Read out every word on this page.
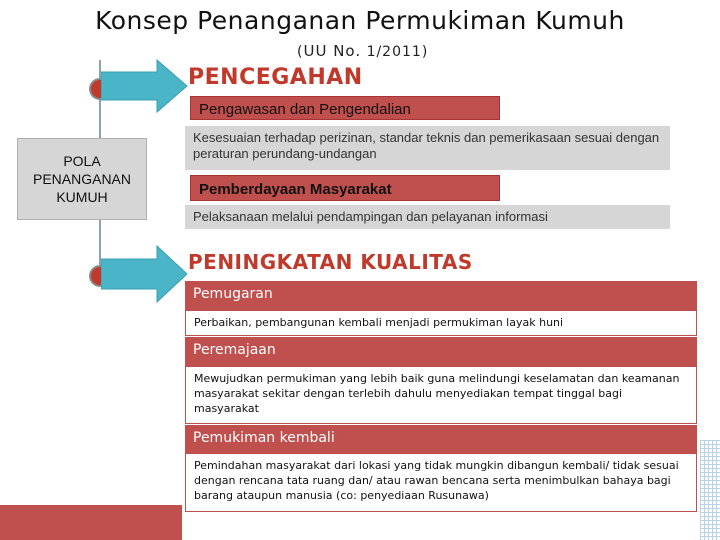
Konsep Penanganan Permukiman Kumuh
(UU No. 1/2011)
POLA PENANGANAN KUMUH
PENCEGAHAN
Pengawasan dan Pengendalian
Kesesuaian terhadap perizinan, standar teknis dan pemerikasaan sesuai dengan peraturan perundang-undangan
Pemberdayaan Masyarakat
Pelaksanaan melalui pendampingan dan pelayanan informasi
PENINGKATAN KUALITAS
Pemugaran
Perbaikan, pembangunan kembali menjadi permukiman layak huni
Peremajaan
Mewujudkan permukiman yang lebih baik guna melindungi keselamatan dan keamanan masyarakat sekitar dengan terlebih dahulu menyediakan tempat tinggal bagi masyarakat
Pemukiman kembali
Pemindahan masyarakat dari lokasi yang tidak mungkin dibangun kembali/ tidak sesuai dengan rencana tata ruang dan/ atau rawan bencana serta menimbulkan bahaya bagi barang ataupun manusia (co: penyediaan Rusunawa)
